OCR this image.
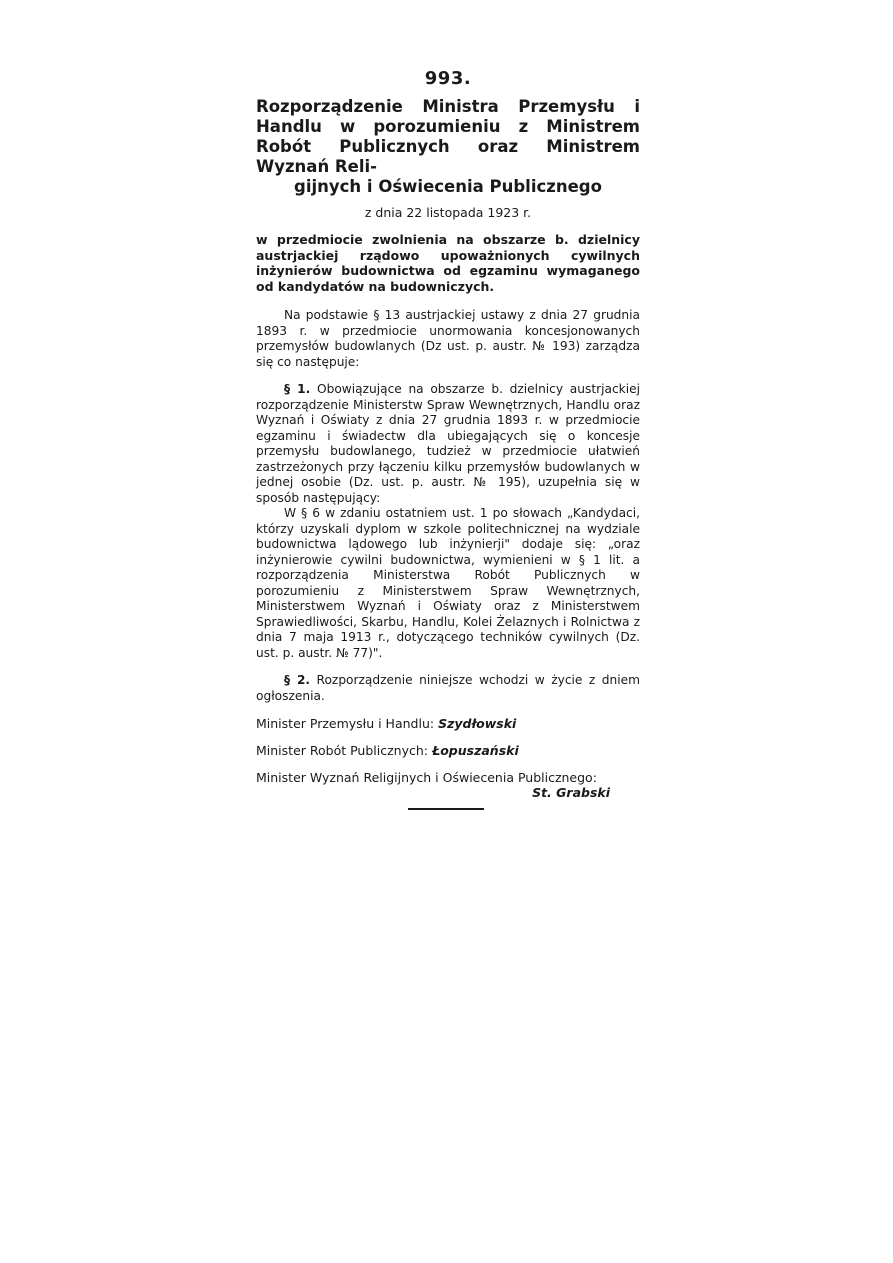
993.

Rozporządzenie Ministra Przemysłu i Handlu w porozumieniu z Ministrem Robót Publicznych oraz Ministrem Wyznań Reli-
gijnych i Oświecenia Publicznego

z dnia 22 listopada 1923 r.

w przedmiocie zwolnienia na obszarze b. dzielnicy austrjackiej rządowo upoważnionych cywilnych inżynierów budownictwa od egzaminu wymaganego od kandydatów na budowniczych.

Na podstawie § 13 austrjackiej ustawy z dnia 27 grudnia 1893 r. w przedmiocie unormowania koncesjonowanych przemysłów budowlanych (Dz ust. p. austr. № 193) zarządza się co następuje:

§ 1. Obowiązujące na obszarze b. dzielnicy austrjackiej rozporządzenie Ministerstw Spraw Wewnętrznych, Handlu oraz Wyznań i Oświaty z dnia 27 grudnia 1893 r. w przedmiocie egzaminu i świadectw dla ubiegających się o koncesje przemysłu budowlanego, tudzież w przedmiocie ułatwień zastrzeżonych przy łączeniu kilku przemysłów budowlanych w jednej osobie (Dz. ust. p. austr. № 195), uzupełnia się w sposób następujący:

W § 6 w zdaniu ostatniem ust. 1 po słowach „Kandydaci, którzy uzyskali dyplom w szkole politechnicznej na wydziale budownictwa lądowego lub inżynierji" dodaje się: „oraz inżynierowie cywilni budownictwa, wymienieni w § 1 lit. a rozporządzenia Ministerstwa Robót Publicznych w porozumieniu z Ministerstwem Spraw Wewnętrznych, Ministerstwem Wyznań i Oświaty oraz z Ministerstwem Sprawiedliwości, Skarbu, Handlu, Kolei Żelaznych i Rolnictwa z dnia 7 maja 1913 r., dotyczącego techników cywilnych (Dz. ust. p. austr. № 77)".

§ 2. Rozporządzenie niniejsze wchodzi w życie z dniem ogłoszenia.

Minister Przemysłu i Handlu: Szydłowski

Minister Robót Publicznych: Łopuszański

Minister Wyznań Religijnych i Oświecenia Publicznego:

St. Grabski
